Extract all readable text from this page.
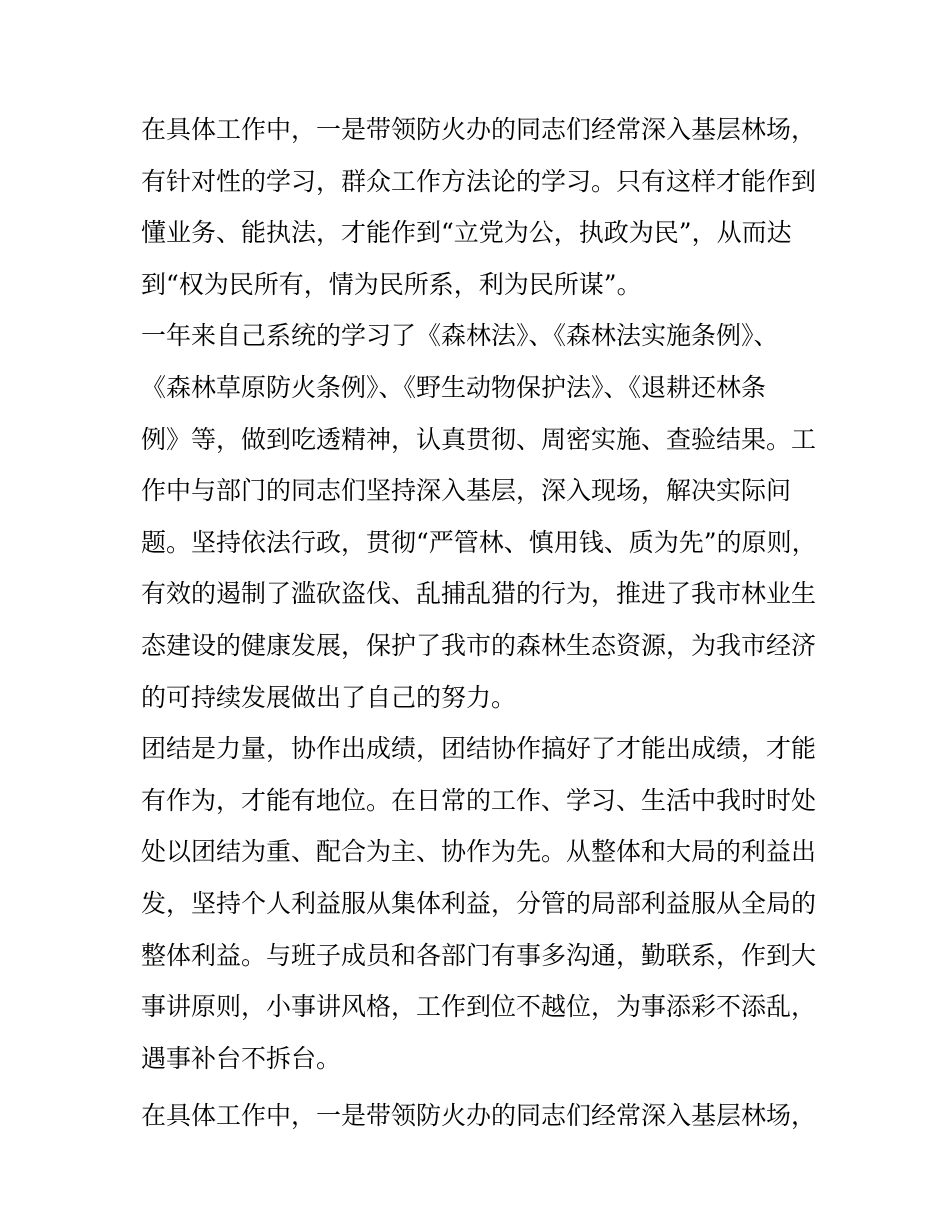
在具体工作中，一是带领防火办的同志们经常深入基层林场，
有针对性的学习，群众工作方法论的学习。只有这样才能作到
懂业务、能执法，才能作到“立党为公，执政为民”，从而达
到“权为民所有，情为民所系，利为民所谋”。
一年来自己系统的学习了《森林法》、《森林法实施条例》、
《森林草原防火条例》、《野生动物保护法》、《退耕还林条
例》等，做到吃透精神，认真贯彻、周密实施、查验结果。工
作中与部门的同志们坚持深入基层，深入现场，解决实际问
题。坚持依法行政，贯彻“严管林、慎用钱、质为先”的原则，
有效的遏制了滥砍盗伐、乱捕乱猎的行为，推进了我市林业生
态建设的健康发展，保护了我市的森林生态资源，为我市经济
的可持续发展做出了自己的努力。
团结是力量，协作出成绩，团结协作搞好了才能出成绩，才能
有作为，才能有地位。在日常的工作、学习、生活中我时时处
处以团结为重、配合为主、协作为先。从整体和大局的利益出
发，坚持个人利益服从集体利益，分管的局部利益服从全局的
整体利益。与班子成员和各部门有事多沟通，勤联系，作到大
事讲原则，小事讲风格，工作到位不越位，为事添彩不添乱，
遇事补台不拆台。
在具体工作中，一是带领防火办的同志们经常深入基层林场，
